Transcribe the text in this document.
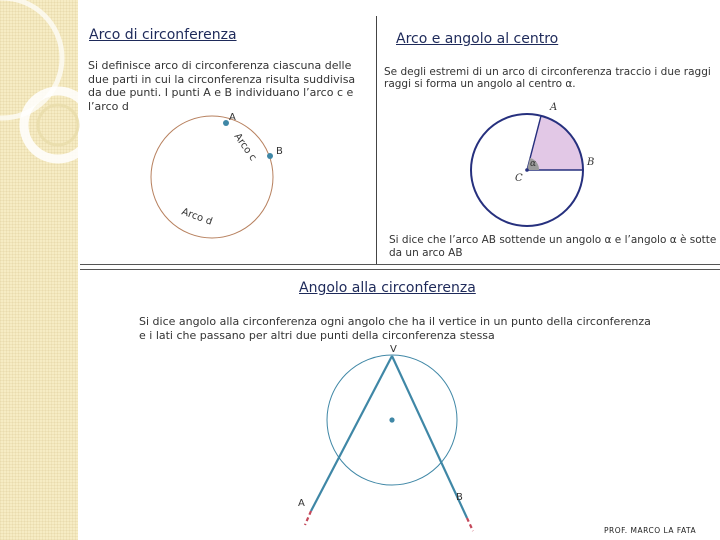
Arco di circonferenza
Si definisce arco di circonferenza ciascuna delle due parti in cui la circonferenza risulta suddivisa da due punti. I punti A e B individuano l’arco c e l’arco d
A
B
Arco c
Arco d
Arco e angolo al centro
Se degli estremi di un arco di circonferenza traccio i due raggi raggi si forma un angolo al centro α.
A
B
C
α
Si dice che l’arco AB sottende un angolo α e l’angolo α è sotte
da un arco AB
Angolo alla circonferenza
Si dice angolo alla circonferenza ogni angolo che ha il vertice in un punto della circonferenza
e i lati che passano per altri due punti della circonferenza stessa
V
A
B
PROF. MARCO LA FATA
